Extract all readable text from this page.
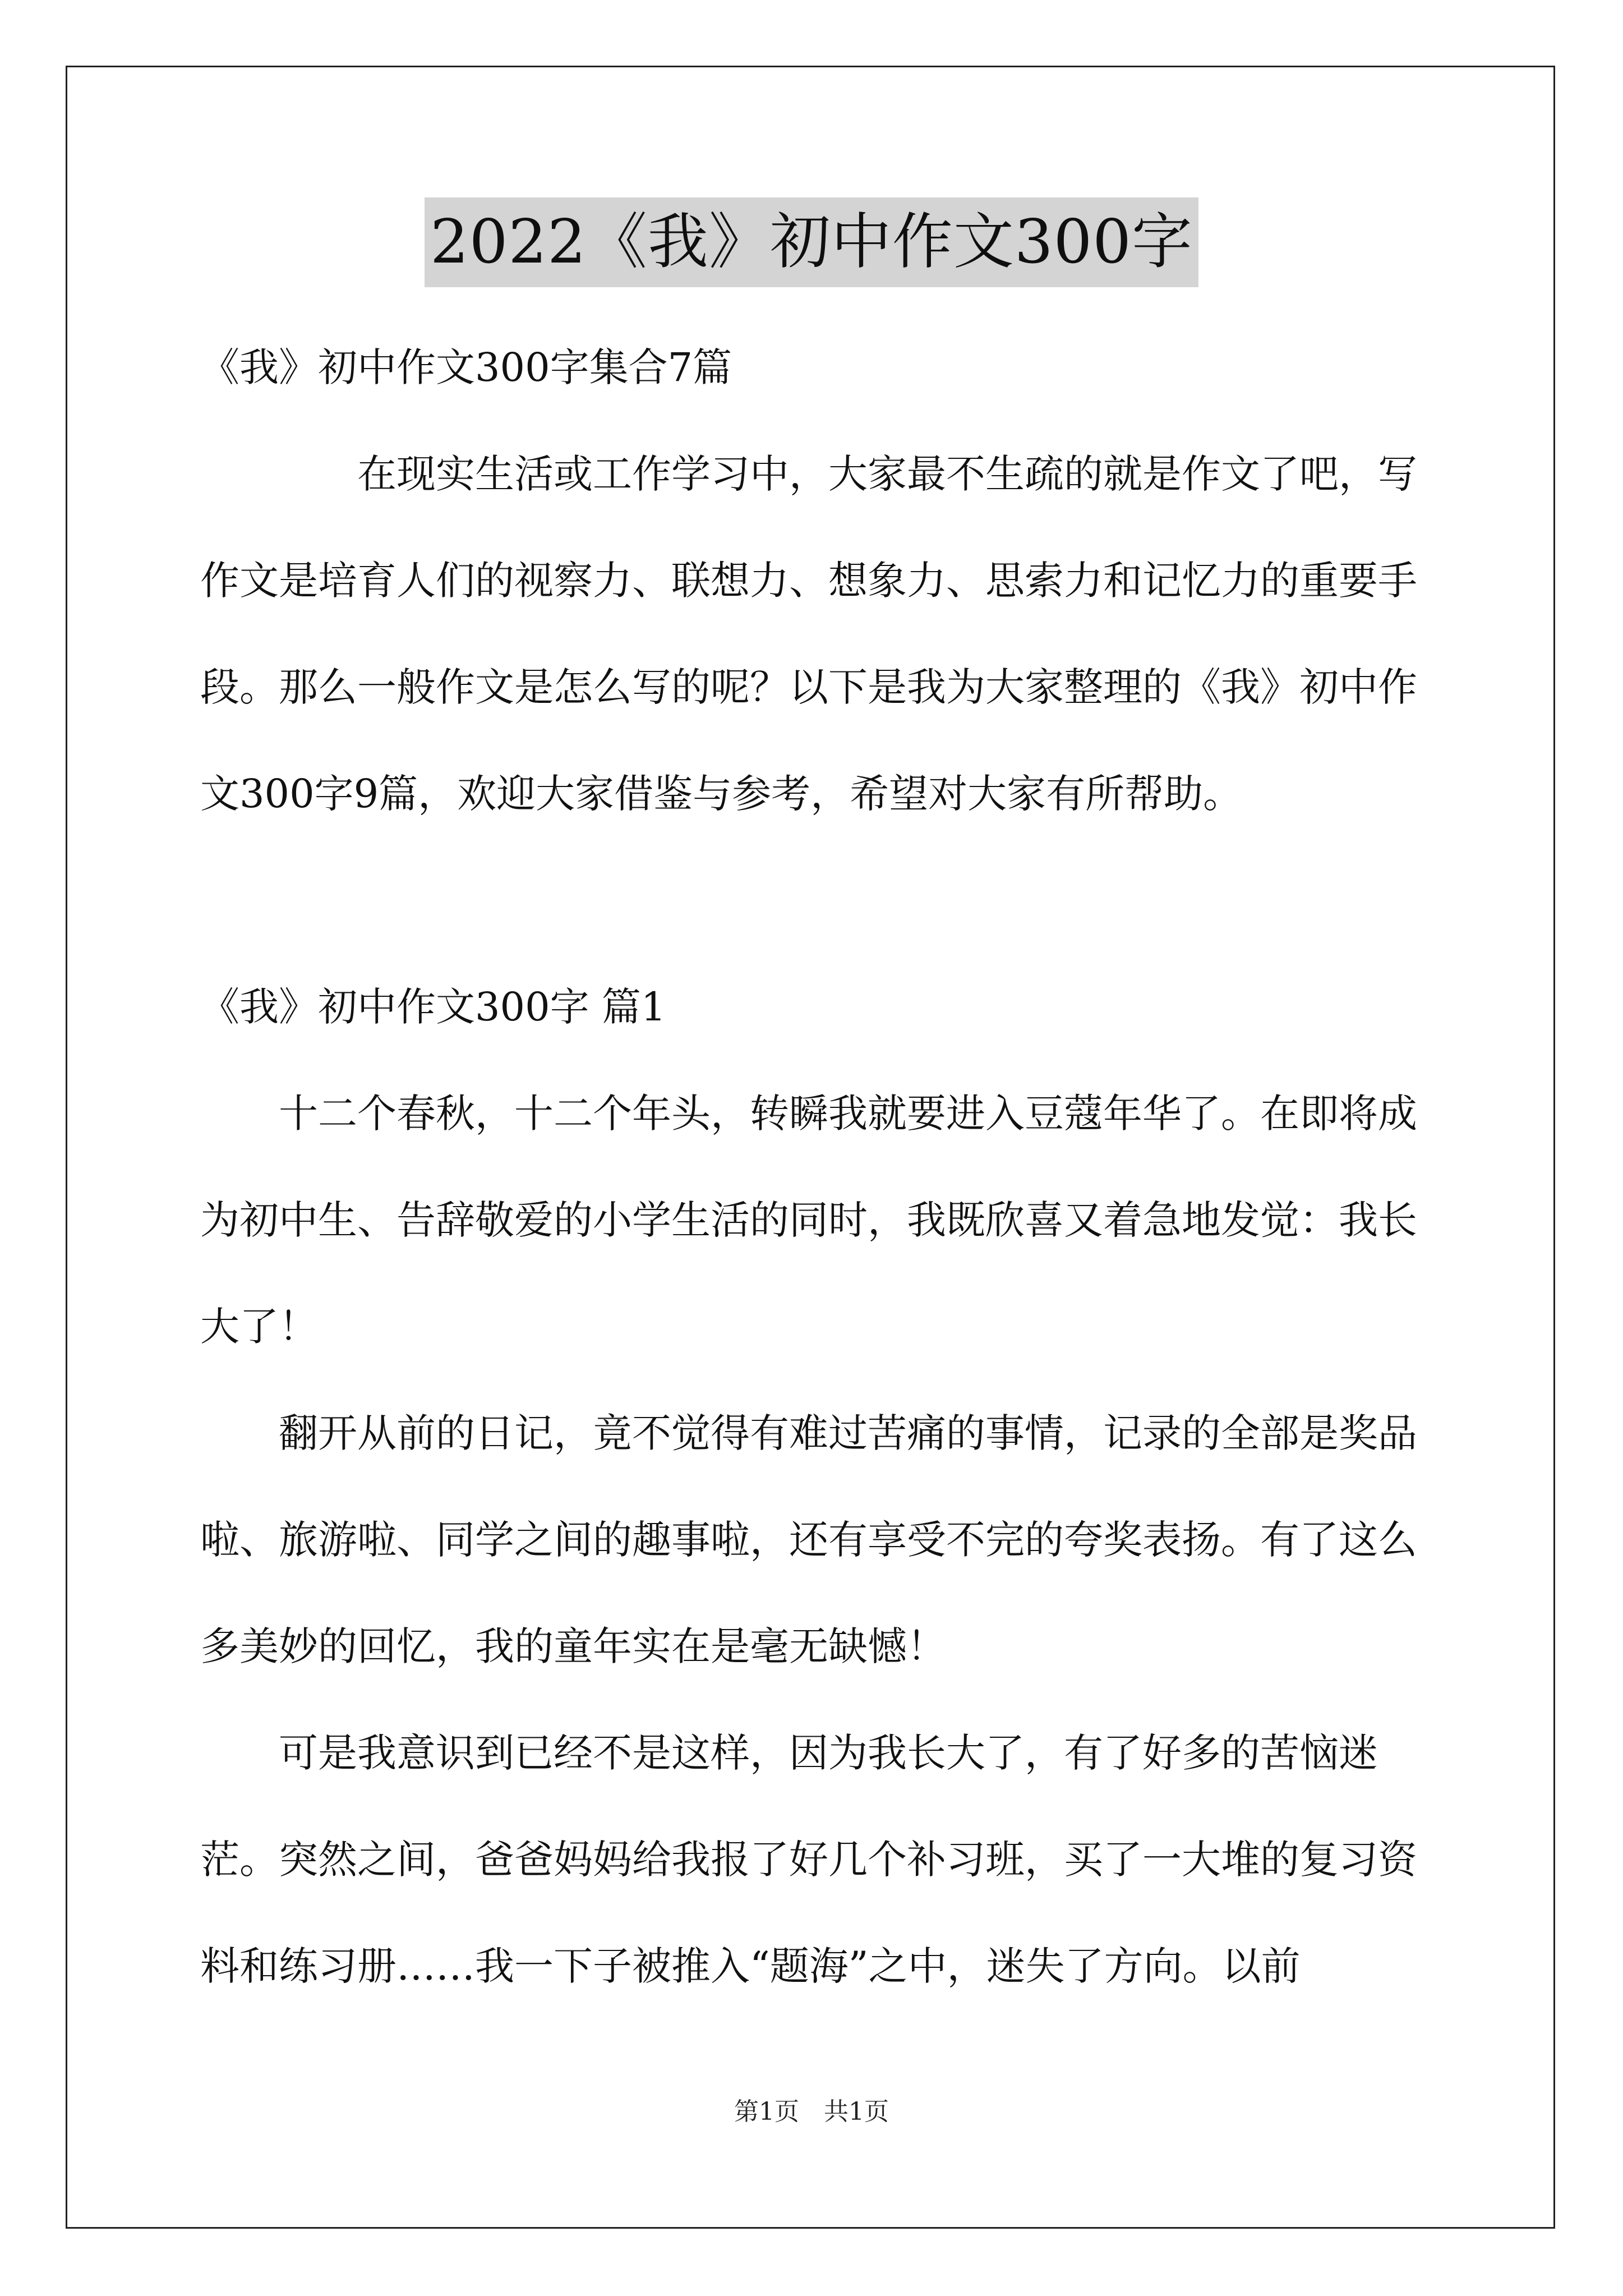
2022《我》初中作文300字

《我》初中作文300字集合7篇

在现实生活或工作学习中，大家最不生疏的就是作文了吧，写作文是培育人们的视察力、联想力、想象力、思索力和记忆力的重要手段。那么一般作文是怎么写的呢？以下是我为大家整理的《我》初中作文300字9篇，欢迎大家借鉴与参考，希望对大家有所帮助。

《我》初中作文300字 篇1

十二个春秋，十二个年头，转瞬我就要进入豆蔻年华了。在即将成为初中生、告辞敬爱的小学生活的同时，我既欣喜又着急地发觉：我长大了！

翻开从前的日记，竟不觉得有难过苦痛的事情，记录的全部是奖品啦、旅游啦、同学之间的趣事啦，还有享受不完的夸奖表扬。有了这么多美妙的回忆，我的童年实在是毫无缺憾！

可是我意识到已经不是这样，因为我长大了，有了好多的苦恼迷茫。突然之间，爸爸妈妈给我报了好几个补习班，买了一大堆的复习资料和练习册……我一下子被推入“题海”之中，迷失了方向。以前

第1页　共1页
